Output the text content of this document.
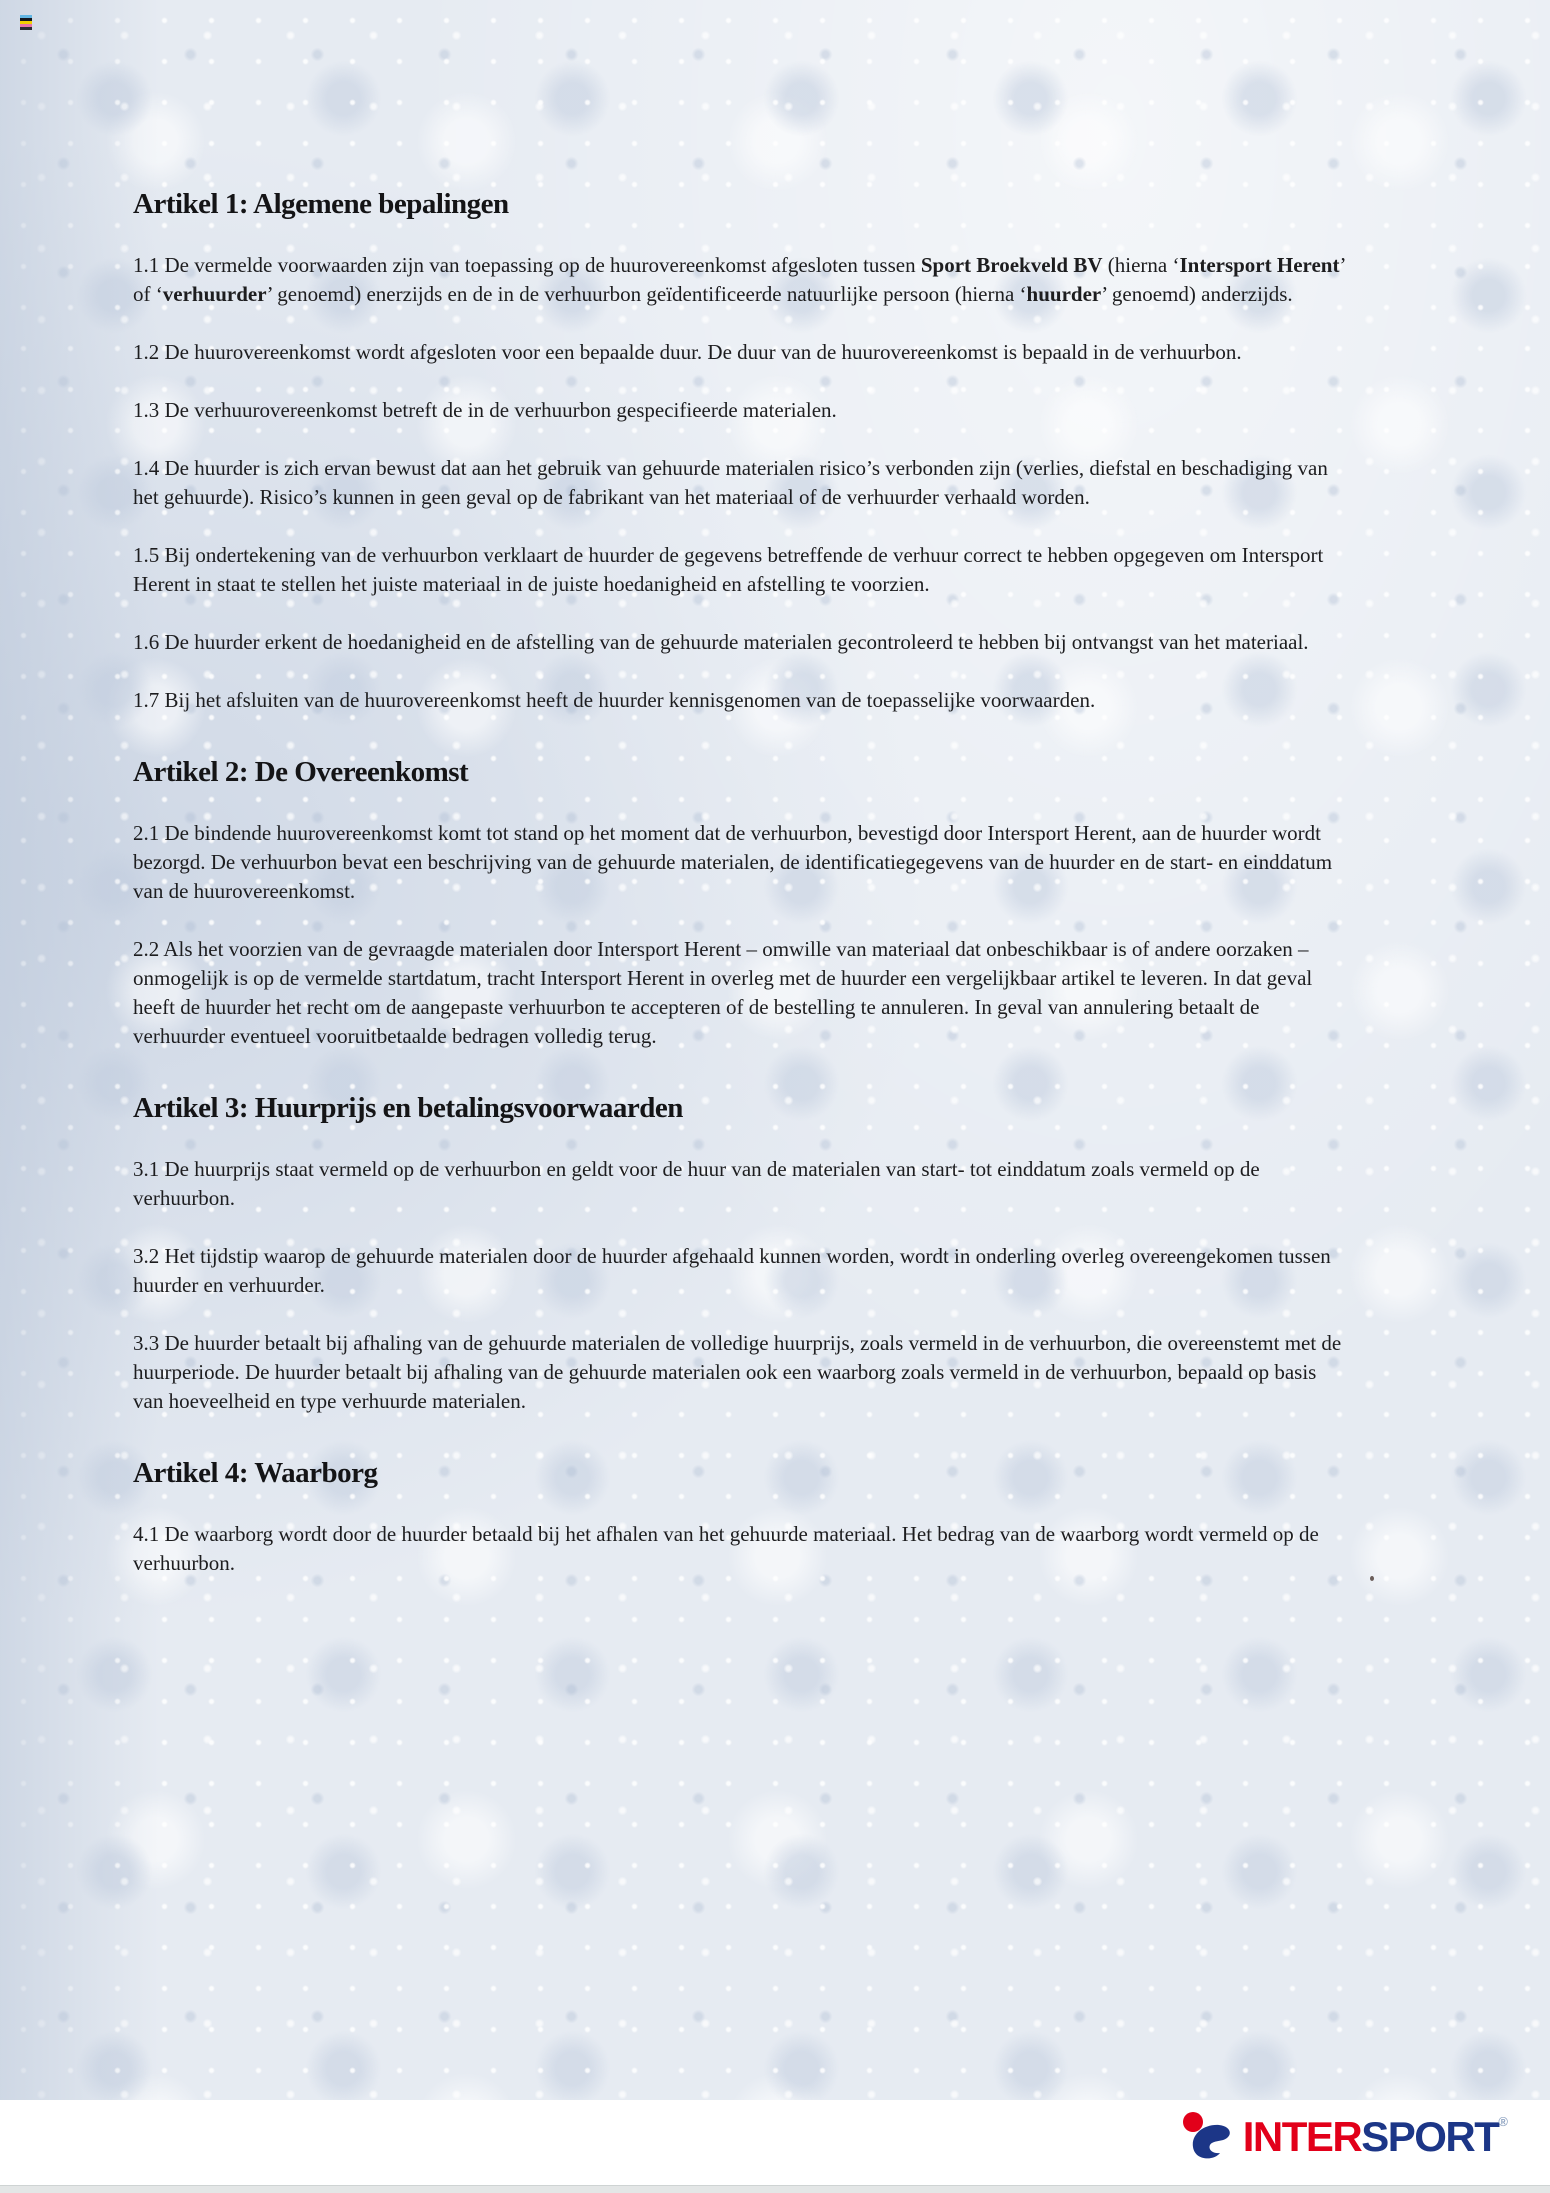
Artikel 1: Algemene bepalingen

1.1 De vermelde voorwaarden zijn van toepassing op de huurovereenkomst afgesloten tussen Sport Broekveld BV (hierna ‘Intersport Herent’ of ‘verhuurder’ genoemd) enerzijds en de in de verhuurbon geïdentificeerde natuurlijke persoon (hierna ‘huurder’ genoemd) anderzijds.

1.2 De huurovereenkomst wordt afgesloten voor een bepaalde duur. De duur van de huurovereenkomst is bepaald in de verhuurbon.

1.3 De verhuurovereenkomst betreft de in de verhuurbon gespecifieerde materialen.

1.4 De huurder is zich ervan bewust dat aan het gebruik van gehuurde materialen risico’s verbonden zijn (verlies, diefstal en beschadiging van het gehuurde). Risico’s kunnen in geen geval op de fabrikant van het materiaal of de verhuurder verhaald worden.

1.5 Bij ondertekening van de verhuurbon verklaart de huurder de gegevens betreffende de verhuur correct te hebben opgegeven om Intersport Herent in staat te stellen het juiste materiaal in de juiste hoedanigheid en afstelling te voorzien.

1.6 De huurder erkent de hoedanigheid en de afstelling van de gehuurde materialen gecontroleerd te hebben bij ontvangst van het materiaal.

1.7 Bij het afsluiten van de huurovereenkomst heeft de huurder kennisgenomen van de toepasselijke voorwaarden.

Artikel 2: De Overeenkomst

2.1 De bindende huurovereenkomst komt tot stand op het moment dat de verhuurbon, bevestigd door Intersport Herent, aan de huurder wordt bezorgd. De verhuurbon bevat een beschrijving van de gehuurde materialen, de identificatiegegevens van de huurder en de start- en einddatum van de huurovereenkomst.

2.2 Als het voorzien van de gevraagde materialen door Intersport Herent – omwille van materiaal dat onbeschikbaar is of andere oorzaken – onmogelijk is op de vermelde startdatum, tracht Intersport Herent in overleg met de huurder een vergelijkbaar artikel te leveren. In dat geval heeft de huurder het recht om de aangepaste verhuurbon te accepteren of de bestelling te annuleren. In geval van annulering betaalt de verhuurder eventueel vooruitbetaalde bedragen volledig terug.

Artikel 3: Huurprijs en betalingsvoorwaarden

3.1 De huurprijs staat vermeld op de verhuurbon en geldt voor de huur van de materialen van start- tot einddatum zoals vermeld op de verhuurbon.

3.2 Het tijdstip waarop de gehuurde materialen door de huurder afgehaald kunnen worden, wordt in onderling overleg overeengekomen tussen huurder en verhuurder.

3.3 De huurder betaalt bij afhaling van de gehuurde materialen de volledige huurprijs, zoals vermeld in de verhuurbon, die overeenstemt met de huurperiode. De huurder betaalt bij afhaling van de gehuurde materialen ook een waarborg zoals vermeld in de verhuurbon, bepaald op basis van hoeveelheid en type verhuurde materialen.

Artikel 4: Waarborg

4.1 De waarborg wordt door de huurder betaald bij het afhalen van het gehuurde materiaal. Het bedrag van de waarborg wordt vermeld op de verhuurbon.

INTERSPORT ®
